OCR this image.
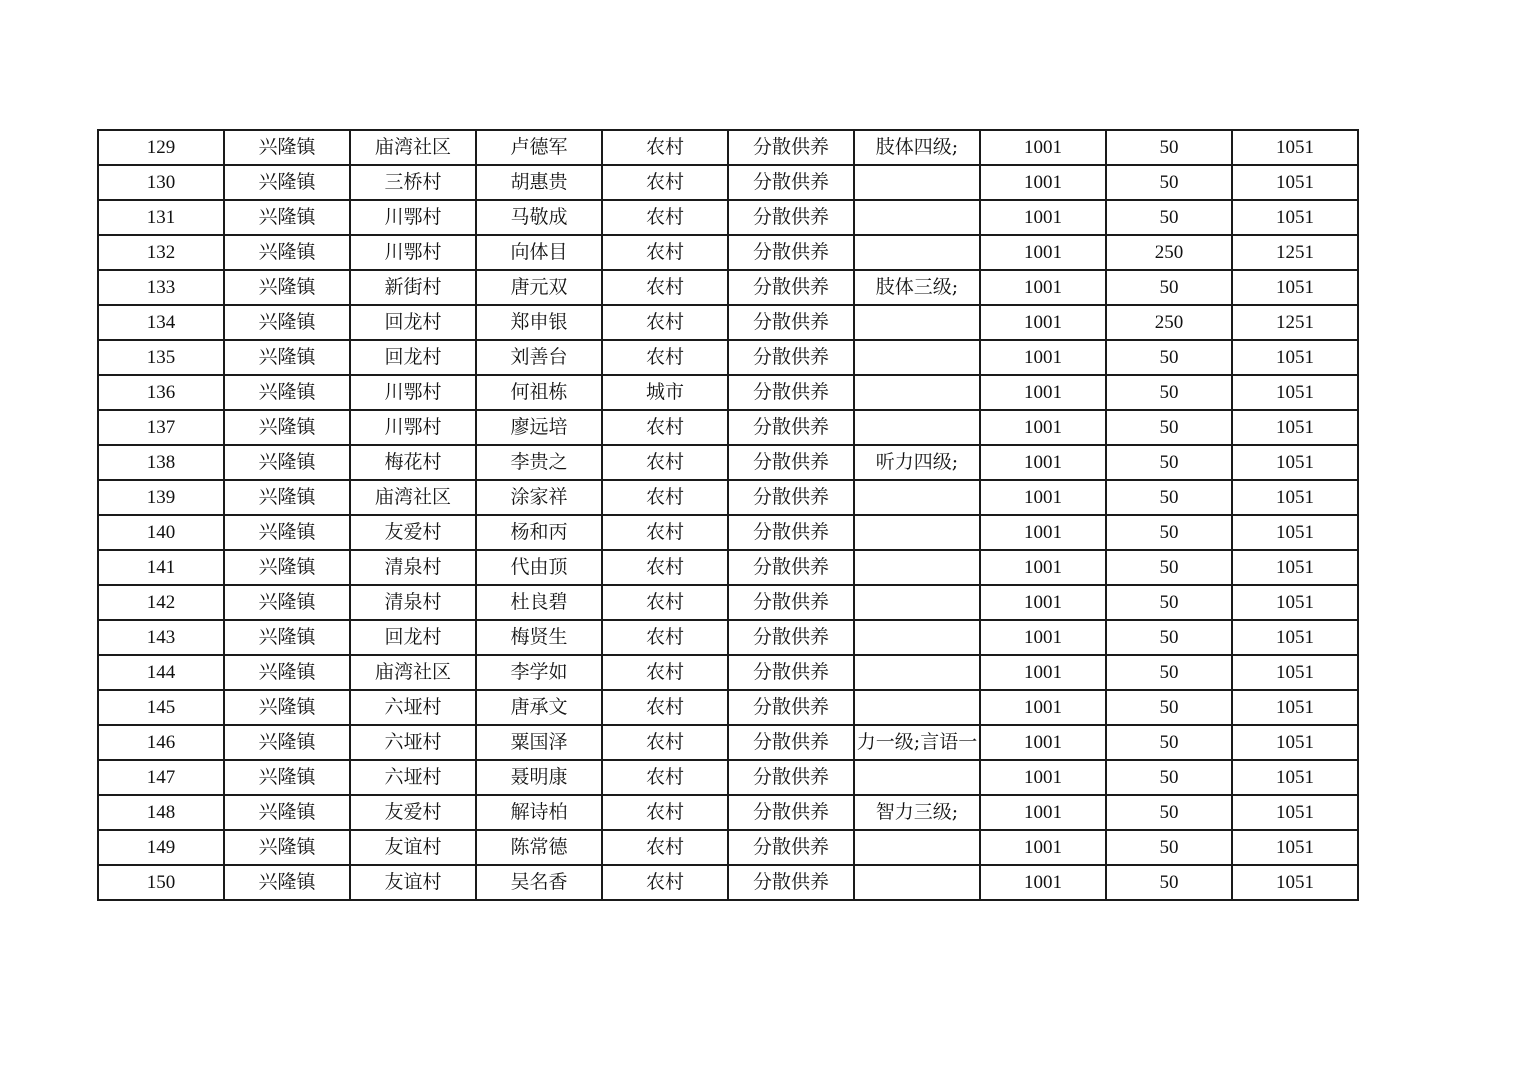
129	兴隆镇	庙湾社区	卢德军	农村	分散供养	肢体四级;	1001	50	1051
130	兴隆镇	三桥村	胡惠贵	农村	分散供养		1001	50	1051
131	兴隆镇	川鄂村	马敬成	农村	分散供养		1001	50	1051
132	兴隆镇	川鄂村	向体目	农村	分散供养		1001	250	1251
133	兴隆镇	新街村	唐元双	农村	分散供养	肢体三级;	1001	50	1051
134	兴隆镇	回龙村	郑申银	农村	分散供养		1001	250	1251
135	兴隆镇	回龙村	刘善台	农村	分散供养		1001	50	1051
136	兴隆镇	川鄂村	何祖栋	城市	分散供养		1001	50	1051
137	兴隆镇	川鄂村	廖远培	农村	分散供养		1001	50	1051
138	兴隆镇	梅花村	李贵之	农村	分散供养	听力四级;	1001	50	1051
139	兴隆镇	庙湾社区	涂家祥	农村	分散供养		1001	50	1051
140	兴隆镇	友爱村	杨和丙	农村	分散供养		1001	50	1051
141	兴隆镇	清泉村	代由顶	农村	分散供养		1001	50	1051
142	兴隆镇	清泉村	杜良碧	农村	分散供养		1001	50	1051
143	兴隆镇	回龙村	梅贤生	农村	分散供养		1001	50	1051
144	兴隆镇	庙湾社区	李学如	农村	分散供养		1001	50	1051
145	兴隆镇	六垭村	唐承文	农村	分散供养		1001	50	1051
146	兴隆镇	六垭村	粟国泽	农村	分散供养	力一级;言语一	1001	50	1051
147	兴隆镇	六垭村	聂明康	农村	分散供养		1001	50	1051
148	兴隆镇	友爱村	解诗柏	农村	分散供养	智力三级;	1001	50	1051
149	兴隆镇	友谊村	陈常德	农村	分散供养		1001	50	1051
150	兴隆镇	友谊村	吴名香	农村	分散供养		1001	50	1051
